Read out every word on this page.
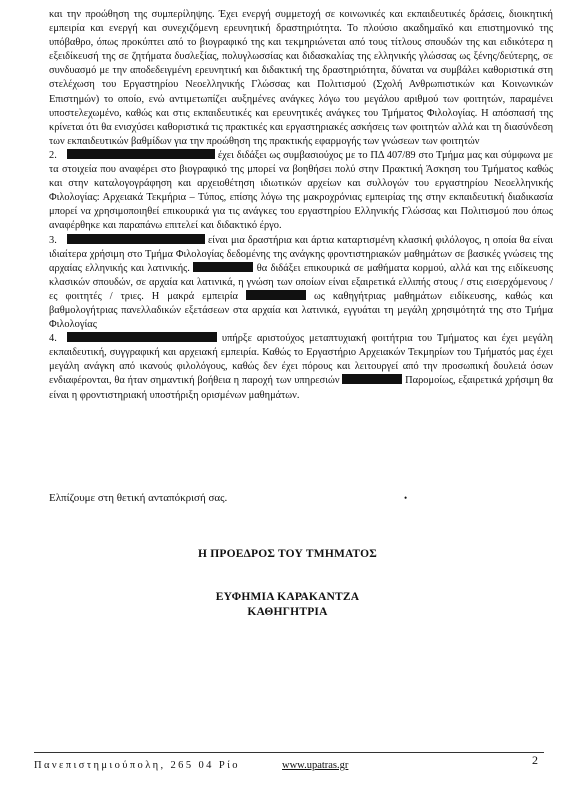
και την προώθηση της συμπερίληψης. Έχει ενεργή συμμετοχή σε κοινωνικές και εκπαιδευτικές δράσεις, διοικητική εμπειρία και ενεργή και συνεχιζόμενη ερευνητική δραστηριότητα. Το πλούσιο ακαδημαϊκό και επιστημονικό της υπόβαθρο, όπως προκύπτει από το βιογραφικό της και τεκμηριώνεται από τους τίτλους σπουδών της και ειδικότερα η εξειδίκευσή της σε ζητήματα δυσλεξίας, πολυγλωσσίας και διδασκαλίας της ελληνικής γλώσσας ως ξένης/δεύτερης, σε συνδυασμό με την αποδεδειγμένη ερευνητική και διδακτική της δραστηριότητα, δύναται να συμβάλει καθοριστικά στη στελέχωση του Εργαστηρίου Νεοελληνικής Γλώσσας και Πολιτισμού (Σχολή Ανθρωπιστικών και Κοινωνικών Επιστημών) το οποίο, ενώ αντιμετωπίζει αυξημένες ανάγκες λόγω του μεγάλου αριθμού των φοιτητών, παραμένει υποστελεχωμένο, καθώς και στις εκπαιδευτικές και ερευνητικές ανάγκες του Τμήματος Φιλολογίας. Η απόσπασή της κρίνεται ότι θα ενισχύσει καθοριστικά τις πρακτικές και εργαστηριακές ασκήσεις των φοιτητών αλλά και τη διασύνδεση των εκπαιδευτικών βαθμίδων για την προώθηση της πρακτικής εφαρμογής των γνώσεων των φοιτητών

2.	έχει διδάξει ως συμβασιούχος με το ΠΔ 407/89 στο Τμήμα μας και σύμφωνα με τα στοιχεία που αναφέρει στο βιογραφικό της μπορεί να βοηθήσει πολύ στην Πρακτική Άσκηση του Τμήματος καθώς και στην καταλογογράφηση και αρχειοθέτηση ιδιωτικών αρχείων και συλλογών του εργαστηρίου Νεοελληνικής Φιλολογίας: Αρχειακά Τεκμήρια – Τύπος, επίσης λόγω της μακροχρόνιας εμπειρίας της στην εκπαιδευτική διαδικασία μπορεί να χρησιμοποιηθεί επικουρικά για τις ανάγκες του εργαστηρίου Ελληνικής Γλώσσας και Πολιτισμού που όπως αναφέρθηκε και παραπάνω επιτελεί και διδακτικό έργο.

3.	είναι μια δραστήρια και άρτια καταρτισμένη κλασική φιλόλογος, η οποία θα είναι ιδιαίτερα χρήσιμη στο Τμήμα Φιλολογίας δεδομένης της ανάγκης φροντιστηριακών μαθημάτων σε βασικές γνώσεις της αρχαίας ελληνικής και λατινικής.	θα διδάξει επικουρικά σε μαθήματα κορμού, αλλά και της ειδίκευσης κλασικών σπουδών, σε αρχαία και λατινικά, η γνώση των οποίων είναι εξαιρετικά ελλιπής στους / στις εισερχόμενους / ες φοιτητές / τριες. Η μακρά εμπειρία	ως καθηγήτριας μαθημάτων ειδίκευσης, καθώς και βαθμολογήτριας πανελλαδικών εξετάσεων στα αρχαία και λατινικά, εγγυάται τη μεγάλη χρησιμότητά της στο Τμήμα Φιλολογίας

4.	υπήρξε αριστούχος μεταπτυχιακή φοιτήτρια του Τμήματος και έχει μεγάλη εκπαιδευτική, συγγραφική και αρχειακή εμπειρία. Καθώς το Εργαστήριο Αρχειακών Τεκμηρίων του Τμήματός μας έχει μεγάλη ανάγκη από ικανούς φιλολόγους, καθώς δεν έχει πόρους και λειτουργεί από την προσωπική δουλειά όσων ενδιαφέρονται, θα ήταν σημαντική βοήθεια η παροχή των υπηρεσιών	Παρομοίως, εξαιρετικά χρήσιμη θα είναι η φροντιστηριακή υποστήριξη ορισμένων μαθημάτων.

Ελπίζουμε στη θετική ανταπόκρισή σας.	•
Η ΠΡΟΕΔΡΟΣ ΤΟΥ ΤΜΗΜΑΤΟΣ
ΕΥΦΗΜΙΑ ΚΑΡΑΚΑΝΤΖΑ
ΚΑΘΗΓΗΤΡΙΑ
Πανεπιστημιούπολη, 265 04 Ρίο	www.upatras.gr	2
